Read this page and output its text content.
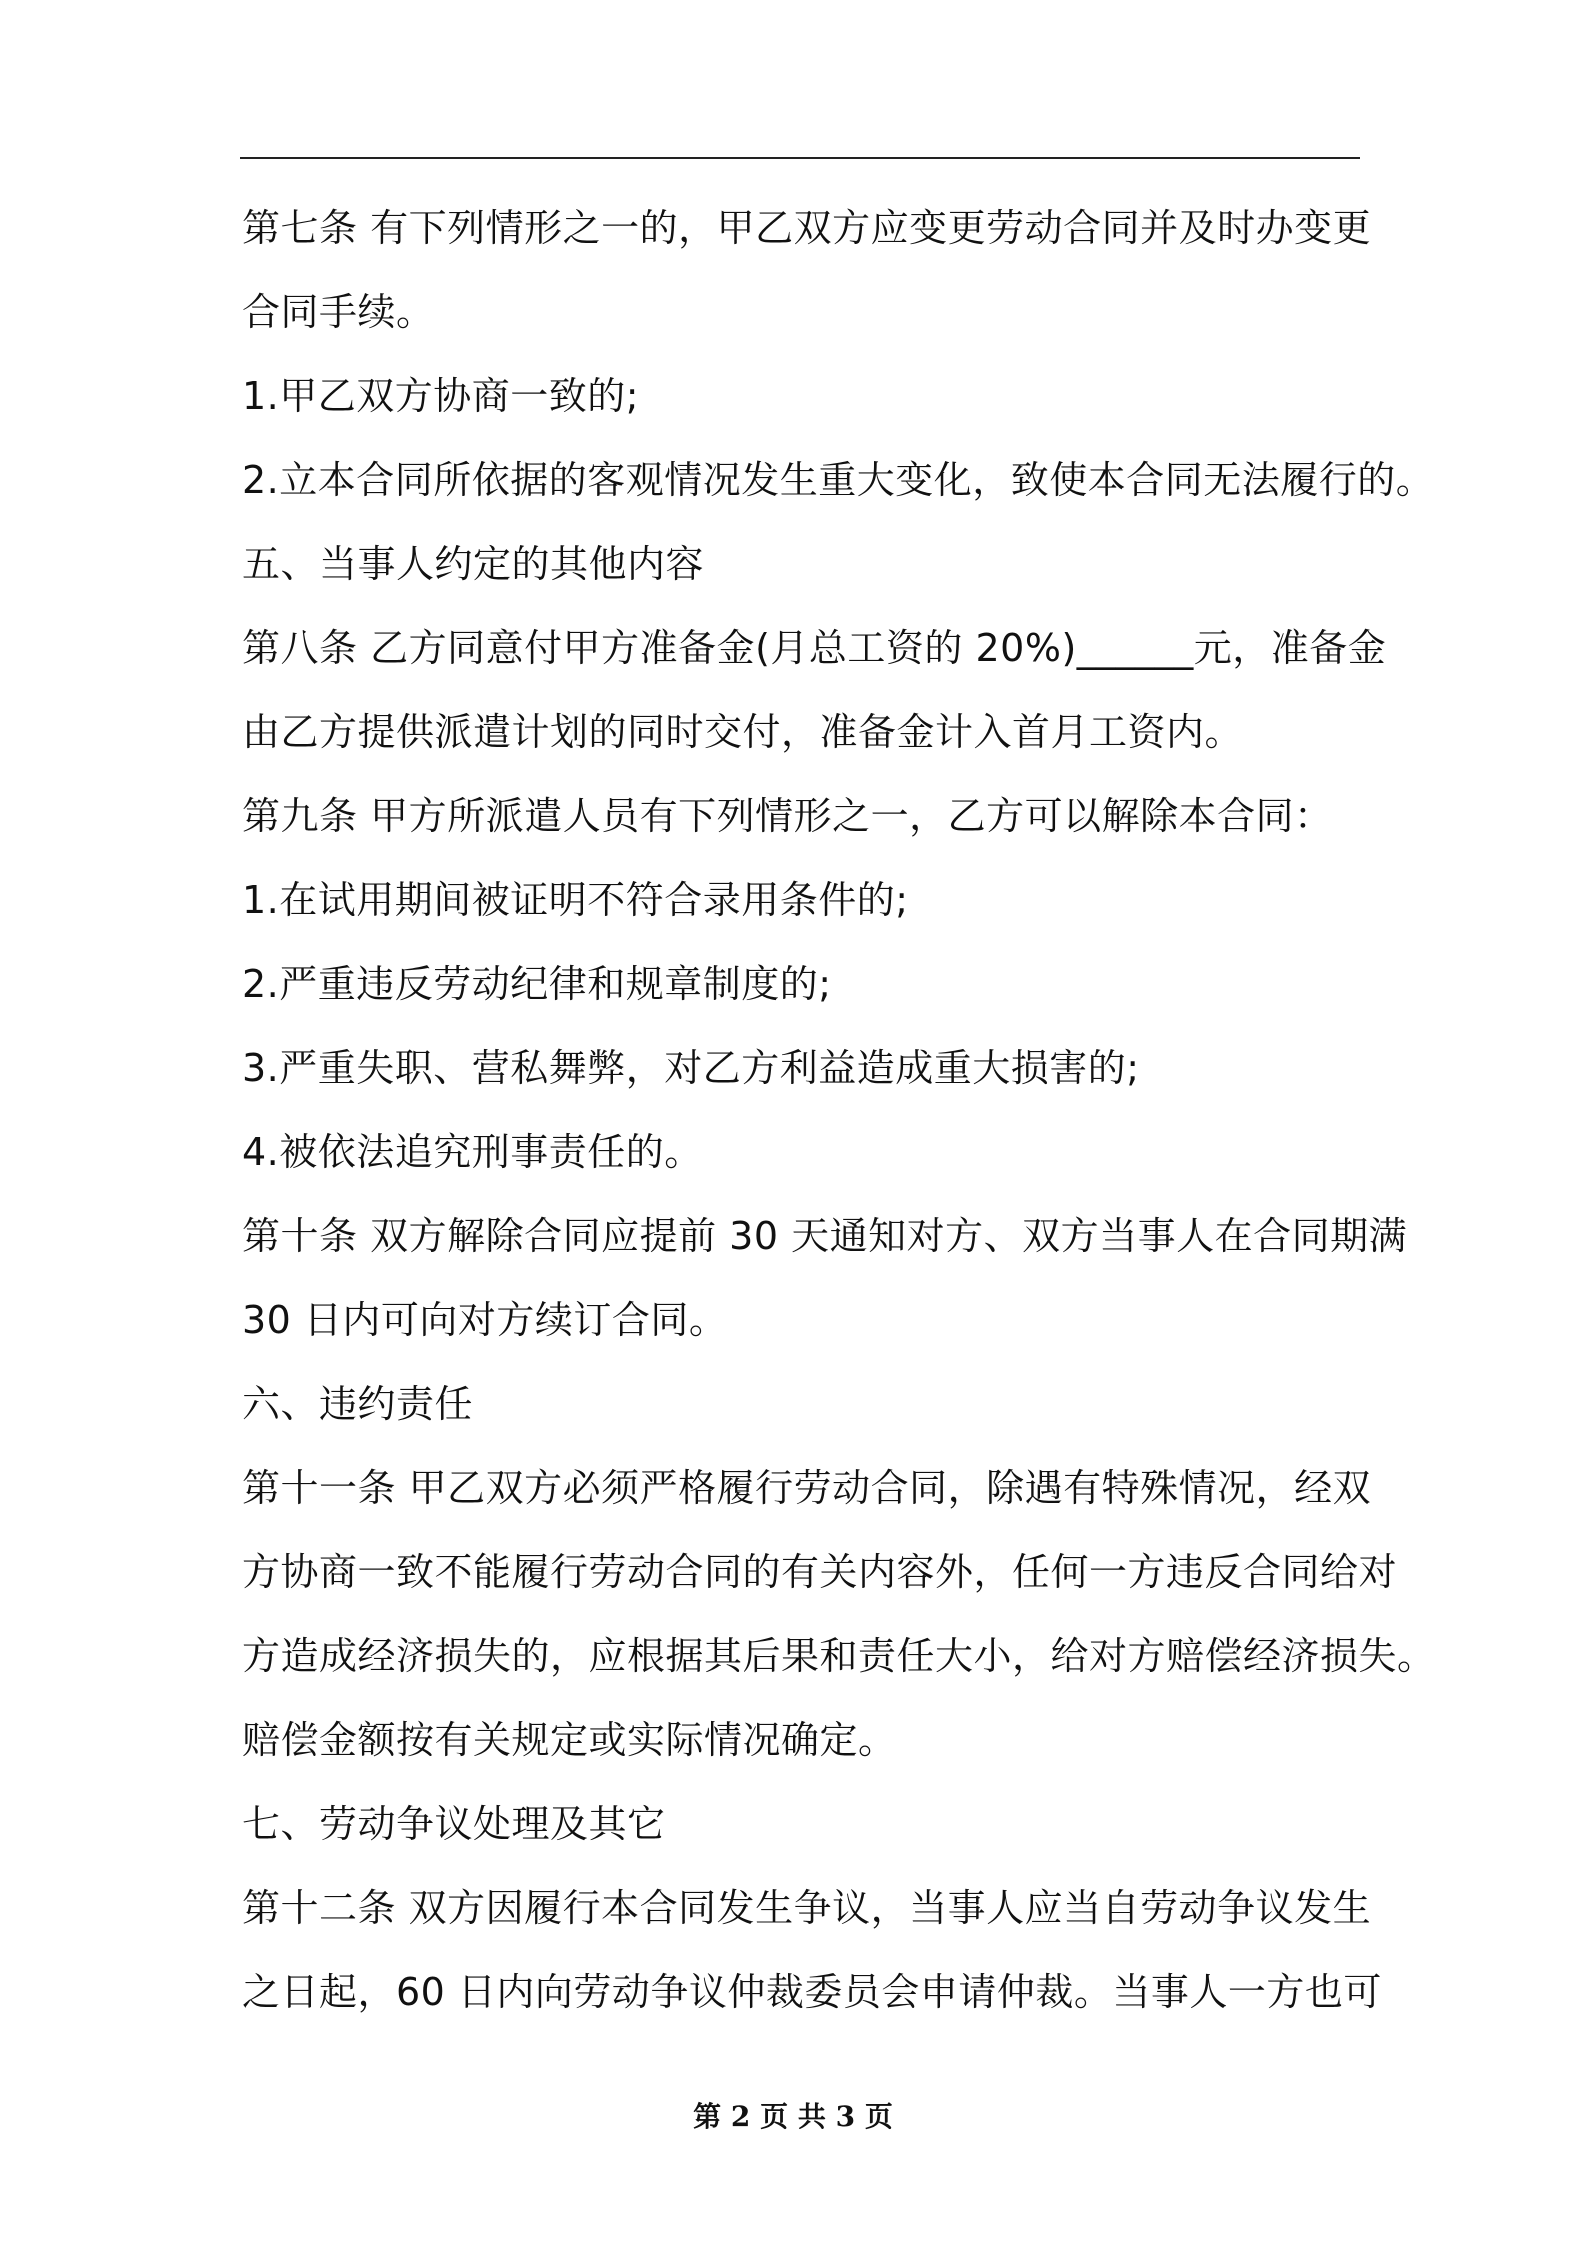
第七条 有下列情形之一的，甲乙双方应变更劳动合同并及时办变更
合同手续。
1.甲乙双方协商一致的;
2.立本合同所依据的客观情况发生重大变化，致使本合同无法履行的。
五、当事人约定的其他内容
第八条 乙方同意付甲方准备金(月总工资的 20%)______元，准备金
由乙方提供派遣计划的同时交付，准备金计入首月工资内。
第九条 甲方所派遣人员有下列情形之一，乙方可以解除本合同：
1.在试用期间被证明不符合录用条件的;
2.严重违反劳动纪律和规章制度的;
3.严重失职、营私舞弊，对乙方利益造成重大损害的;
4.被依法追究刑事责任的。
第十条 双方解除合同应提前 30 天通知对方、双方当事人在合同期满
30 日内可向对方续订合同。
六、违约责任
第十一条 甲乙双方必须严格履行劳动合同，除遇有特殊情况，经双
方协商一致不能履行劳动合同的有关内容外，任何一方违反合同给对
方造成经济损失的，应根据其后果和责任大小，给对方赔偿经济损失。
赔偿金额按有关规定或实际情况确定。
七、劳动争议处理及其它
第十二条 双方因履行本合同发生争议，当事人应当自劳动争议发生
之日起，60 日内向劳动争议仲裁委员会申请仲裁。当事人一方也可
第 2 页 共 3 页
